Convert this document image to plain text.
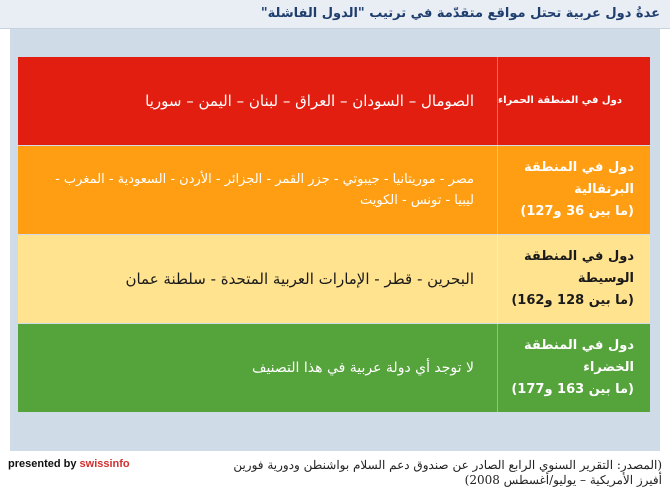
عدةُ دول عربية تحتل مواقع متقدّمة في ترتيب "الدول الفاشلة"
الصومال – السودان – العراق – لبنان – اليمن – سوريا	دول في المنطقة الحمراء
مصر - موريتانيا - جيبوتي - جزر القمر - الجزائر - الأردن - السعودية - المغرب - ليبيا - تونس - الكويت
دول في المنطقة البرتقالية
(ما بين 36 و127)
البحرين - قطر - الإمارات العربية المتحدة - سلطنة عمان
دول في المنطقة الوسيطة
(ما بين 128 و162)
لا توجد أي دولة عربية في هذا التصنيف
دول في المنطقة الخضراء
(ما بين 163 و177)
presented by swissinfo	(المصدر: التقرير السنوي الرابع الصادر عن صندوق دعم السلام بواشنطن ودورية فورين أفيرز الأمريكية – يوليو/أغسطس 2008)
